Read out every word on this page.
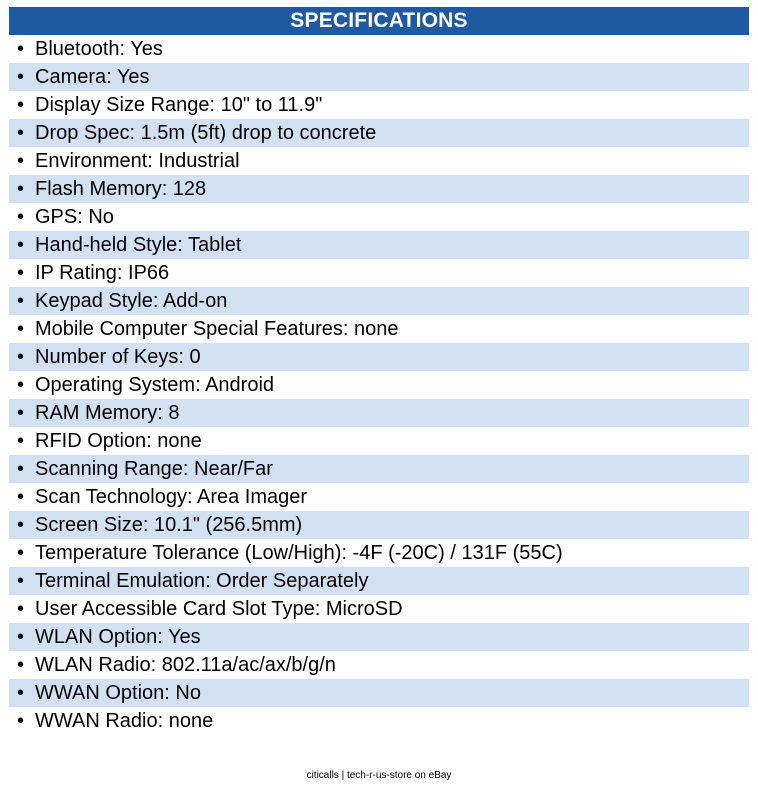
SPECIFICATIONS
• Bluetooth: Yes
• Camera: Yes
• Display Size Range: 10" to 11.9"
• Drop Spec: 1.5m (5ft) drop to concrete
• Environment: Industrial
• Flash Memory: 128
• GPS: No
• Hand-held Style: Tablet
• IP Rating: IP66
• Keypad Style: Add-on
• Mobile Computer Special Features: none
• Number of Keys: 0
• Operating System: Android
• RAM Memory: 8
• RFID Option: none
• Scanning Range: Near/Far
• Scan Technology: Area Imager
• Screen Size: 10.1" (256.5mm)
• Temperature Tolerance (Low/High): -4F (-20C) / 131F (55C)
• Terminal Emulation: Order Separately
• User Accessible Card Slot Type: MicroSD
• WLAN Option: Yes
• WLAN Radio: 802.11a/ac/ax/b/g/n
• WWAN Option: No
• WWAN Radio: none
citicalls | tech-r-us-store on eBay
